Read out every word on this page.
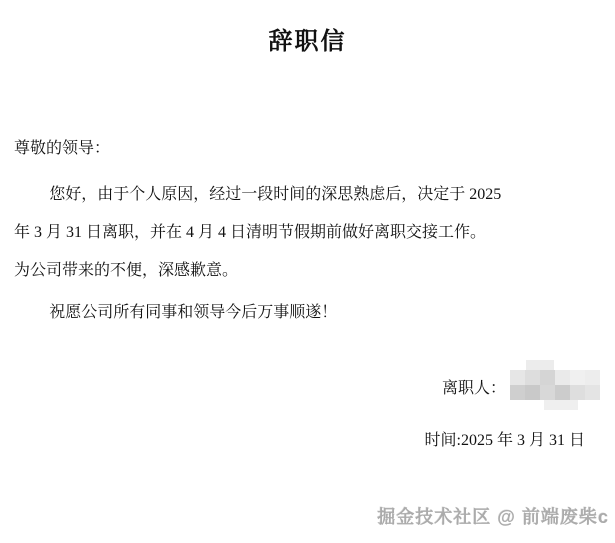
辞职信

尊敬的领导：

您好，由于个人原因，经过一段时间的深思熟虑后，决定于 2025
年 3 月 31 日离职，并在 4 月 4 日清明节假期前做好离职交接工作。
为公司带来的不便，深感歉意。
祝愿公司所有同事和领导今后万事顺遂！
离职人：
时间:2025 年 3 月 31 日
掘金技术社区 @ 前端废柴c
